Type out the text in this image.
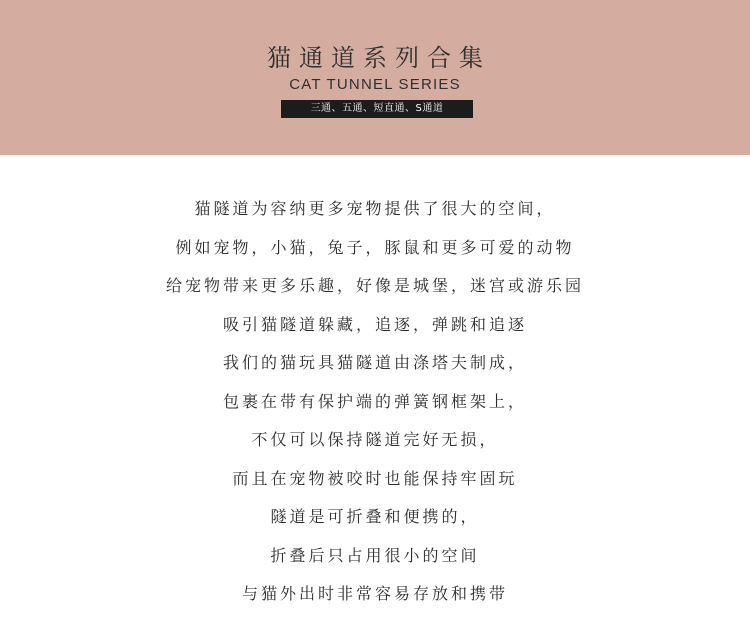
猫通道系列合集
CAT TUNNEL SERIES
三通、五通、短直通、S通道
猫隧道为容纳更多宠物提供了很大的空间，
例如宠物，小猫，兔子，豚鼠和更多可爱的动物
给宠物带来更多乐趣，好像是城堡，迷宫或游乐园
吸引猫隧道躲藏，追逐，弹跳和追逐
我们的猫玩具猫隧道由涤塔夫制成，
包裹在带有保护端的弹簧钢框架上，
不仅可以保持隧道完好无损，
而且在宠物被咬时也能保持牢固玩
隧道是可折叠和便携的，
折叠后只占用很小的空间
与猫外出时非常容易存放和携带
